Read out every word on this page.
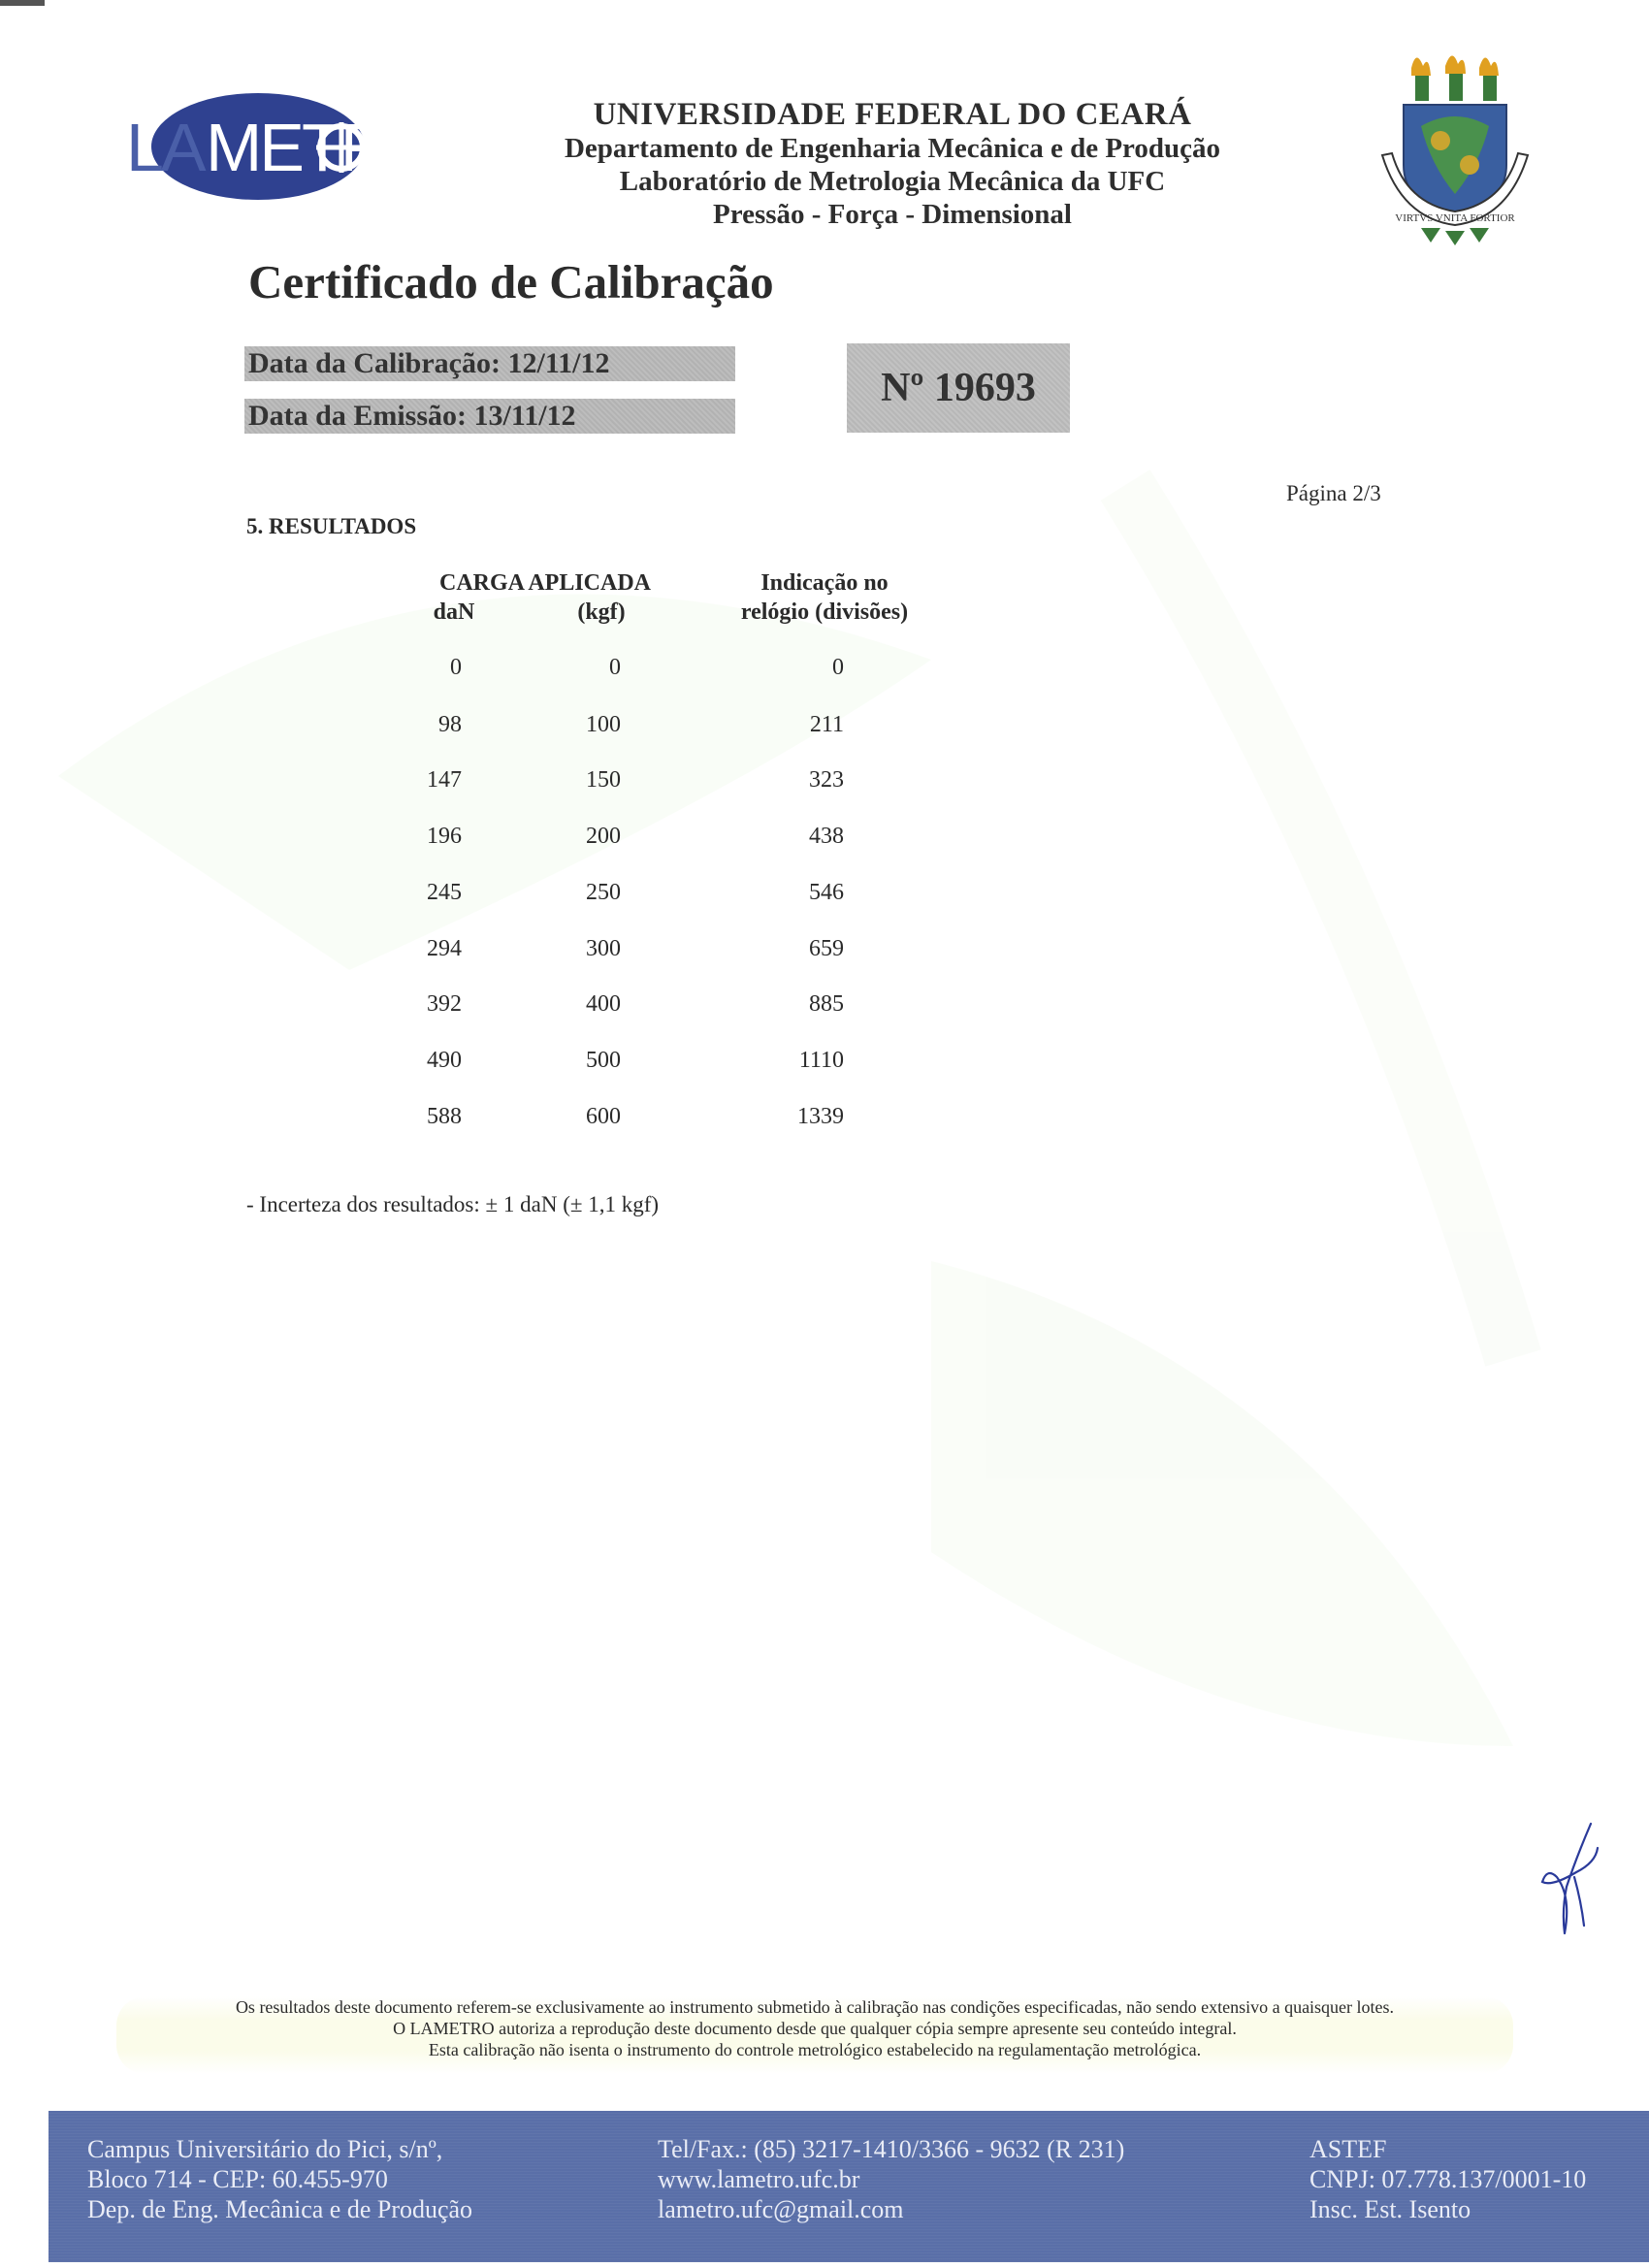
LA METR	UNIVERSIDADE FEDERAL DO CEARÁ
Departamento de Engenharia Mecânica e de Produção
Laboratório de Metrologia Mecânica da UFC
Pressão - Força - Dimensional	VIRTVS VNITA FORTIOR
Certificado de Calibração
Data da Calibração: 12/11/12
Data da Emissão: 13/11/12
Nº 19693
Página 2/3
5. RESULTADOS
CARGA APLICADA
daN	(kgf)
Indicação no
relógio (divisões)
0	0	0
98	100	211
147	150	323
196	200	438
245	250	546
294	300	659
392	400	885
490	500	1110
588	600	1339
- Incerteza dos resultados: ± 1 daN (± 1,1 kgf)
Os resultados deste documento referem-se exclusivamente ao instrumento submetido à calibração nas condições especificadas, não sendo extensivo a quaisquer lotes.
O LAMETRO autoriza a reprodução deste documento desde que qualquer cópia sempre apresente seu conteúdo integral.
Esta calibração não isenta o instrumento do controle metrológico estabelecido na regulamentação metrológica.
Campus Universitário do Pici, s/nº,
Bloco 714 - CEP: 60.455-970
Dep. de Eng. Mecânica e de Produção
Tel/Fax.: (85) 3217-1410/3366 - 9632 (R 231)
www.lametro.ufc.br
lametro.ufc@gmail.com
ASTEF
CNPJ: 07.778.137/0001-10
Insc. Est. Isento
